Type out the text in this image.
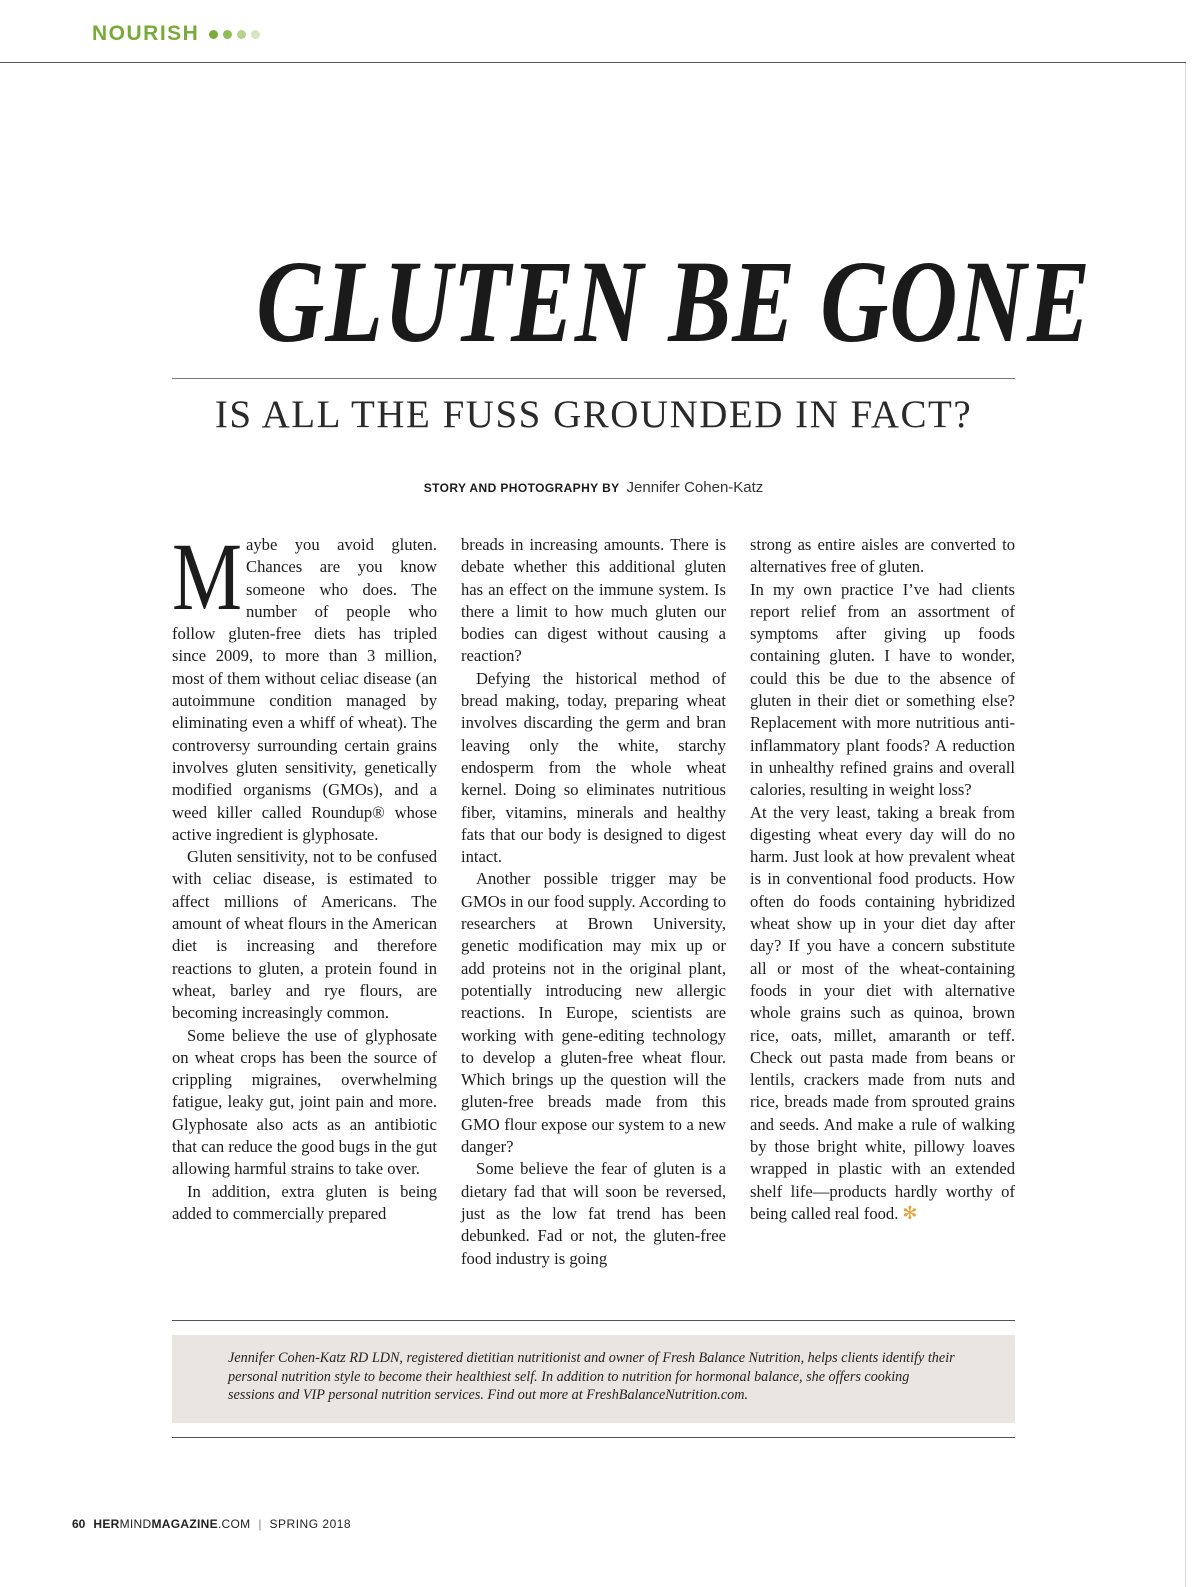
NOURISH
GLUTEN BE GONE
IS ALL THE FUSS GROUNDED IN FACT?
STORY AND PHOTOGRAPHY BY Jennifer Cohen-Katz

Maybe you avoid gluten. Chances are you know someone who does. The number of people who follow gluten-free diets has tripled since 2009, to more than 3 million, most of them without celiac disease (an autoimmune condition managed by eliminating even a whiff of wheat). The controversy surrounding certain grains involves gluten sensitivity, genetically modified organisms (GMOs), and a weed killer called Roundup® whose active ingredient is glyphosate.

Gluten sensitivity, not to be confused with celiac disease, is estimated to affect millions of Americans. The amount of wheat flours in the American diet is increasing and therefore reactions to gluten, a protein found in wheat, barley and rye flours, are becoming increasingly common.

Some believe the use of glyphosate on wheat crops has been the source of crippling migraines, overwhelming fatigue, leaky gut, joint pain and more. Glyphosate also acts as an antibiotic that can reduce the good bugs in the gut allowing harmful strains to take over.

In addition, extra gluten is being added to commercially prepared

breads in increasing amounts. There is debate whether this additional gluten has an effect on the immune system. Is there a limit to how much gluten our bodies can digest without causing a reaction?

Defying the historical method of bread making, today, preparing wheat involves discarding the germ and bran leaving only the white, starchy endosperm from the whole wheat kernel. Doing so eliminates nutritious fiber, vitamins, minerals and healthy fats that our body is designed to digest intact.

Another possible trigger may be GMOs in our food supply. According to researchers at Brown University, genetic modification may mix up or add proteins not in the original plant, potentially introducing new allergic reactions. In Europe, scientists are working with gene-editing technology to develop a gluten-free wheat flour. Which brings up the question will the gluten-free breads made from this GMO flour expose our system to a new danger?

Some believe the fear of gluten is a dietary fad that will soon be reversed, just as the low fat trend has been debunked. Fad or not, the gluten-free food industry is going

strong as entire aisles are converted to alternatives free of gluten.

In my own practice I’ve had clients report relief from an assortment of symptoms after giving up foods containing gluten. I have to wonder, could this be due to the absence of gluten in their diet or something else? Replacement with more nutritious anti-inflammatory plant foods? A reduction in unhealthy refined grains and overall calories, resulting in weight loss?

At the very least, taking a break from digesting wheat every day will do no harm. Just look at how prevalent wheat is in conventional food products. How often do foods containing hybridized wheat show up in your diet day after day? If you have a concern substitute all or most of the wheat-containing foods in your diet with alternative whole grains such as quinoa, brown rice, oats, millet, amaranth or teff. Check out pasta made from beans or lentils, crackers made from nuts and rice, breads made from sprouted grains and seeds. And make a rule of walking by those bright white, pillowy loaves wrapped in plastic with an extended shelf life—products hardly worthy of being called real food. ✻

Jennifer Cohen-Katz RD LDN, registered dietitian nutritionist and owner of Fresh Balance Nutrition, helps clients identify their personal nutrition style to become their healthiest self. In addition to nutrition for hormonal balance, she offers cooking sessions and VIP personal nutrition services. Find out more at FreshBalanceNutrition.com.

60 HERMINDMAGAZINE.COM | SPRING 2018
